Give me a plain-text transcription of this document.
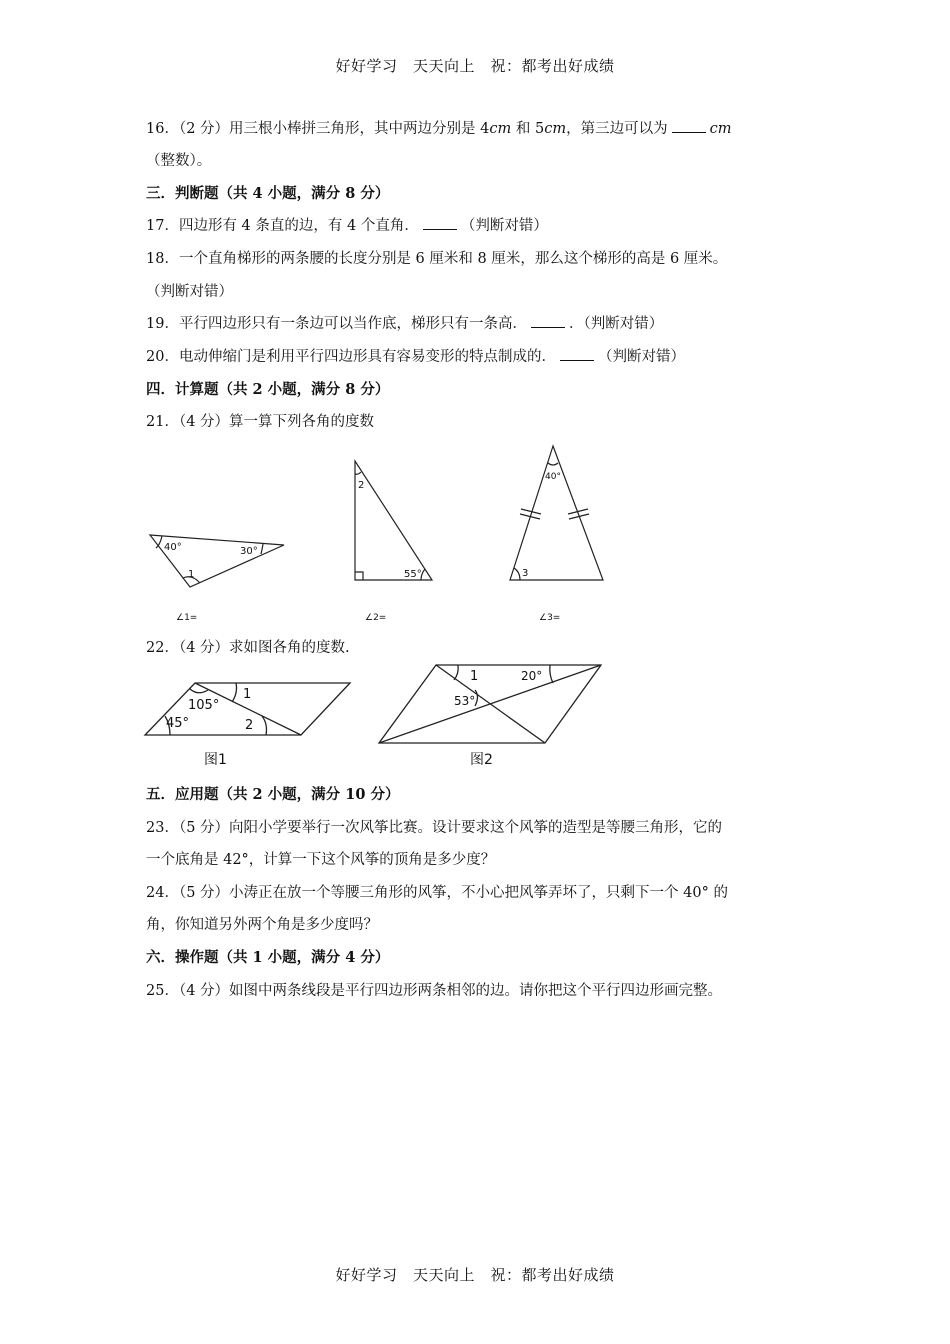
好好学习　天天向上　祝：都考出好成绩
16．（2 分）用三根小棒拼三角形，其中两边分别是 4cm 和 5cm，第三边可以为	cm
（整数）。
三．判断题（共 4 小题，满分 8 分）
17．四边形有 4 条直的边，有 4 个直角．	（判断对错）
18．一个直角梯形的两条腰的长度分别是 6 厘米和 8 厘米，那么这个梯形的高是 6 厘米。
（判断对错）
19．平行四边形只有一条边可以当作底，梯形只有一条高．	．（判断对错）
20．电动伸缩门是利用平行四边形具有容易变形的特点制成的．	（判断对错）
四．计算题（共 2 小题，满分 8 分）
21．（4 分）算一算下列各角的度数
40°	30°
1
2
55°
40°
3
∠1=	∠2=	∠3=
22．（4 分）求如图各角的度数.
105°
45°
1
2
图1
1	20°
53°
图2
五．应用题（共 2 小题，满分 10 分）
23．（5 分）向阳小学要举行一次风筝比赛。设计要求这个风筝的造型是等腰三角形，它的
一个底角是 42°，计算一下这个风筝的顶角是多少度？
24．（5 分）小涛正在放一个等腰三角形的风筝，不小心把风筝弄坏了，只剩下一个 40° 的
角，你知道另外两个角是多少度吗？
六．操作题（共 1 小题，满分 4 分）
25．（4 分）如图中两条线段是平行四边形两条相邻的边。请你把这个平行四边形画完整。
好好学习　天天向上　祝：都考出好成绩
